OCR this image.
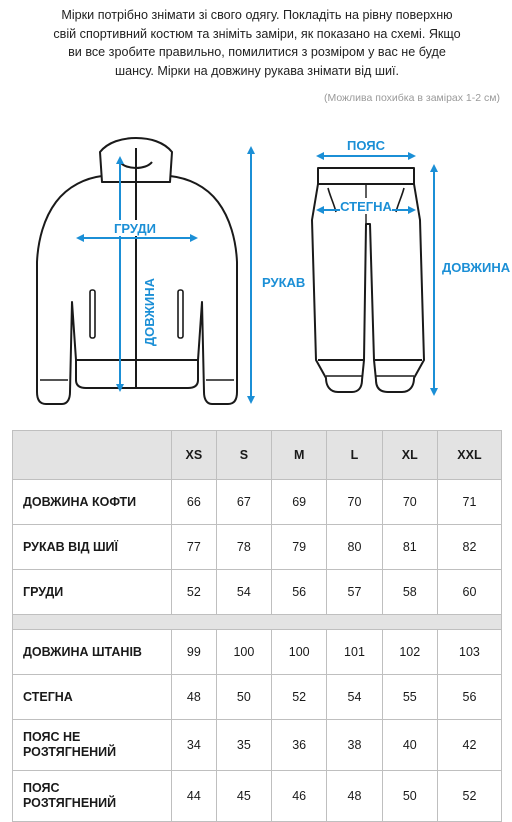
Мірки потрібно знімати зі свого одягу. Покладіть на рівну поверхню
свій спортивний костюм та зніміть заміри, як показано на схемі. Якщо
ви все зробите правильно, помилитися з розміром у вас не буде
шансу. Мірки на довжину рукава знімати від шиї.
(Можлива похибка в замірах 1-2 см)
ГРУДИ
ДОВЖИНА	РУКАВ
ПОЯС
СТЕГНА
ДОВЖИНА
	XS	S	M	L	XL	XXL
ДОВЖИНА КОФТИ	66	67	69	70	70	71
РУКАВ ВІД ШИЇ	77	78	79	80	81	82
ГРУДИ	52	54	56	57	58	60

ДОВЖИНА ШТАНІВ	99	100	100	101	102	103
СТЕГНА	48	50	52	54	55	56
ПОЯС НЕ
РОЗТЯГНЕНИЙ	34	35	36	38	40	42
ПОЯС
РОЗТЯГНЕНИЙ	44	45	46	48	50	52
